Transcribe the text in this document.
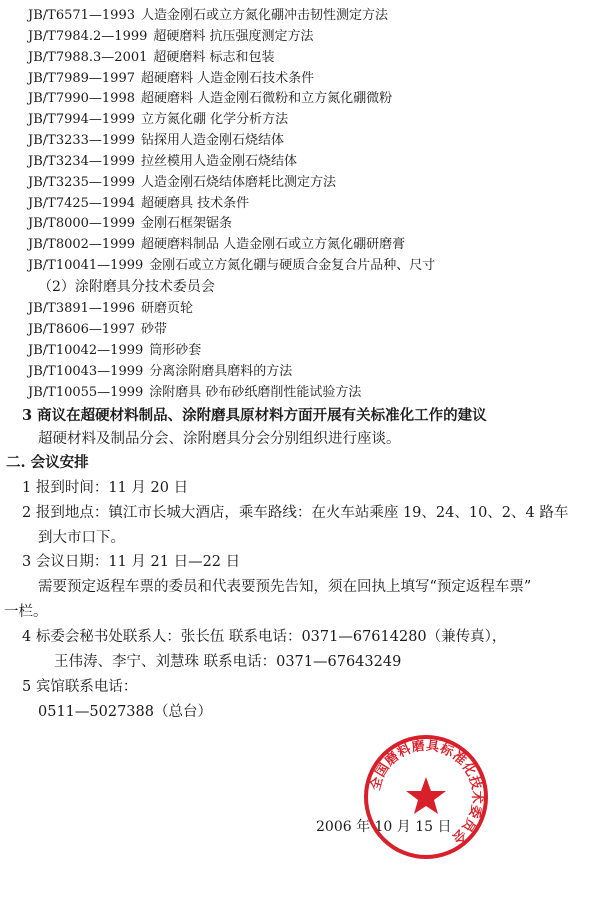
JB/T6571—1993 人造金刚石或立方氮化硼冲击韧性测定方法
JB/T7984.2—1999 超硬磨料 抗压强度测定方法
JB/T7988.3—2001 超硬磨料 标志和包装
JB/T7989—1997 超硬磨料 人造金刚石技术条件
JB/T7990—1998 超硬磨料 人造金刚石微粉和立方氮化硼微粉
JB/T7994—1999 立方氮化硼 化学分析方法
JB/T3233—1999 钻探用人造金刚石烧结体
JB/T3234—1999 拉丝模用人造金刚石烧结体
JB/T3235—1999 人造金刚石烧结体磨耗比测定方法
JB/T7425—1994 超硬磨具 技术条件
JB/T8000—1999 金刚石框架锯条
JB/T8002—1999 超硬磨料制品 人造金刚石或立方氮化硼研磨膏
JB/T10041—1999 金刚石或立方氮化硼与硬质合金复合片品种、尺寸
（2）涂附磨具分技术委员会
JB/T3891—1996 研磨页轮
JB/T8606—1997 砂带
JB/T10042—1999 筒形砂套
JB/T10043—1999 分离涂附磨具磨料的方法
JB/T10055—1999 涂附磨具 砂布砂纸磨削性能试验方法
3 商议在超硬材料制品、涂附磨具原材料方面开展有关标准化工作的建议
超硬材料及制品分会、涂附磨具分会分别组织进行座谈。
二. 会议安排
1 报到时间：11 月 20 日
2 报到地点：镇江市长城大酒店，乘车路线：在火车站乘座 19、24、10、2、4 路车
到大市口下。
3 会议日期：11 月 21 日—22 日
需要预定返程车票的委员和代表要预先告知，须在回执上填写“预定返程车票”
一栏。
4 标委会秘书处联系人：张长伍 联系电话：0371—67614280（兼传真），
王伟涛、李宁、刘慧珠 联系电话：0371—67643249
5 宾馆联系电话：
0511—5027388（总台）
2006 年 10 月 15 日
全国磨料磨具标准化技术委员会
